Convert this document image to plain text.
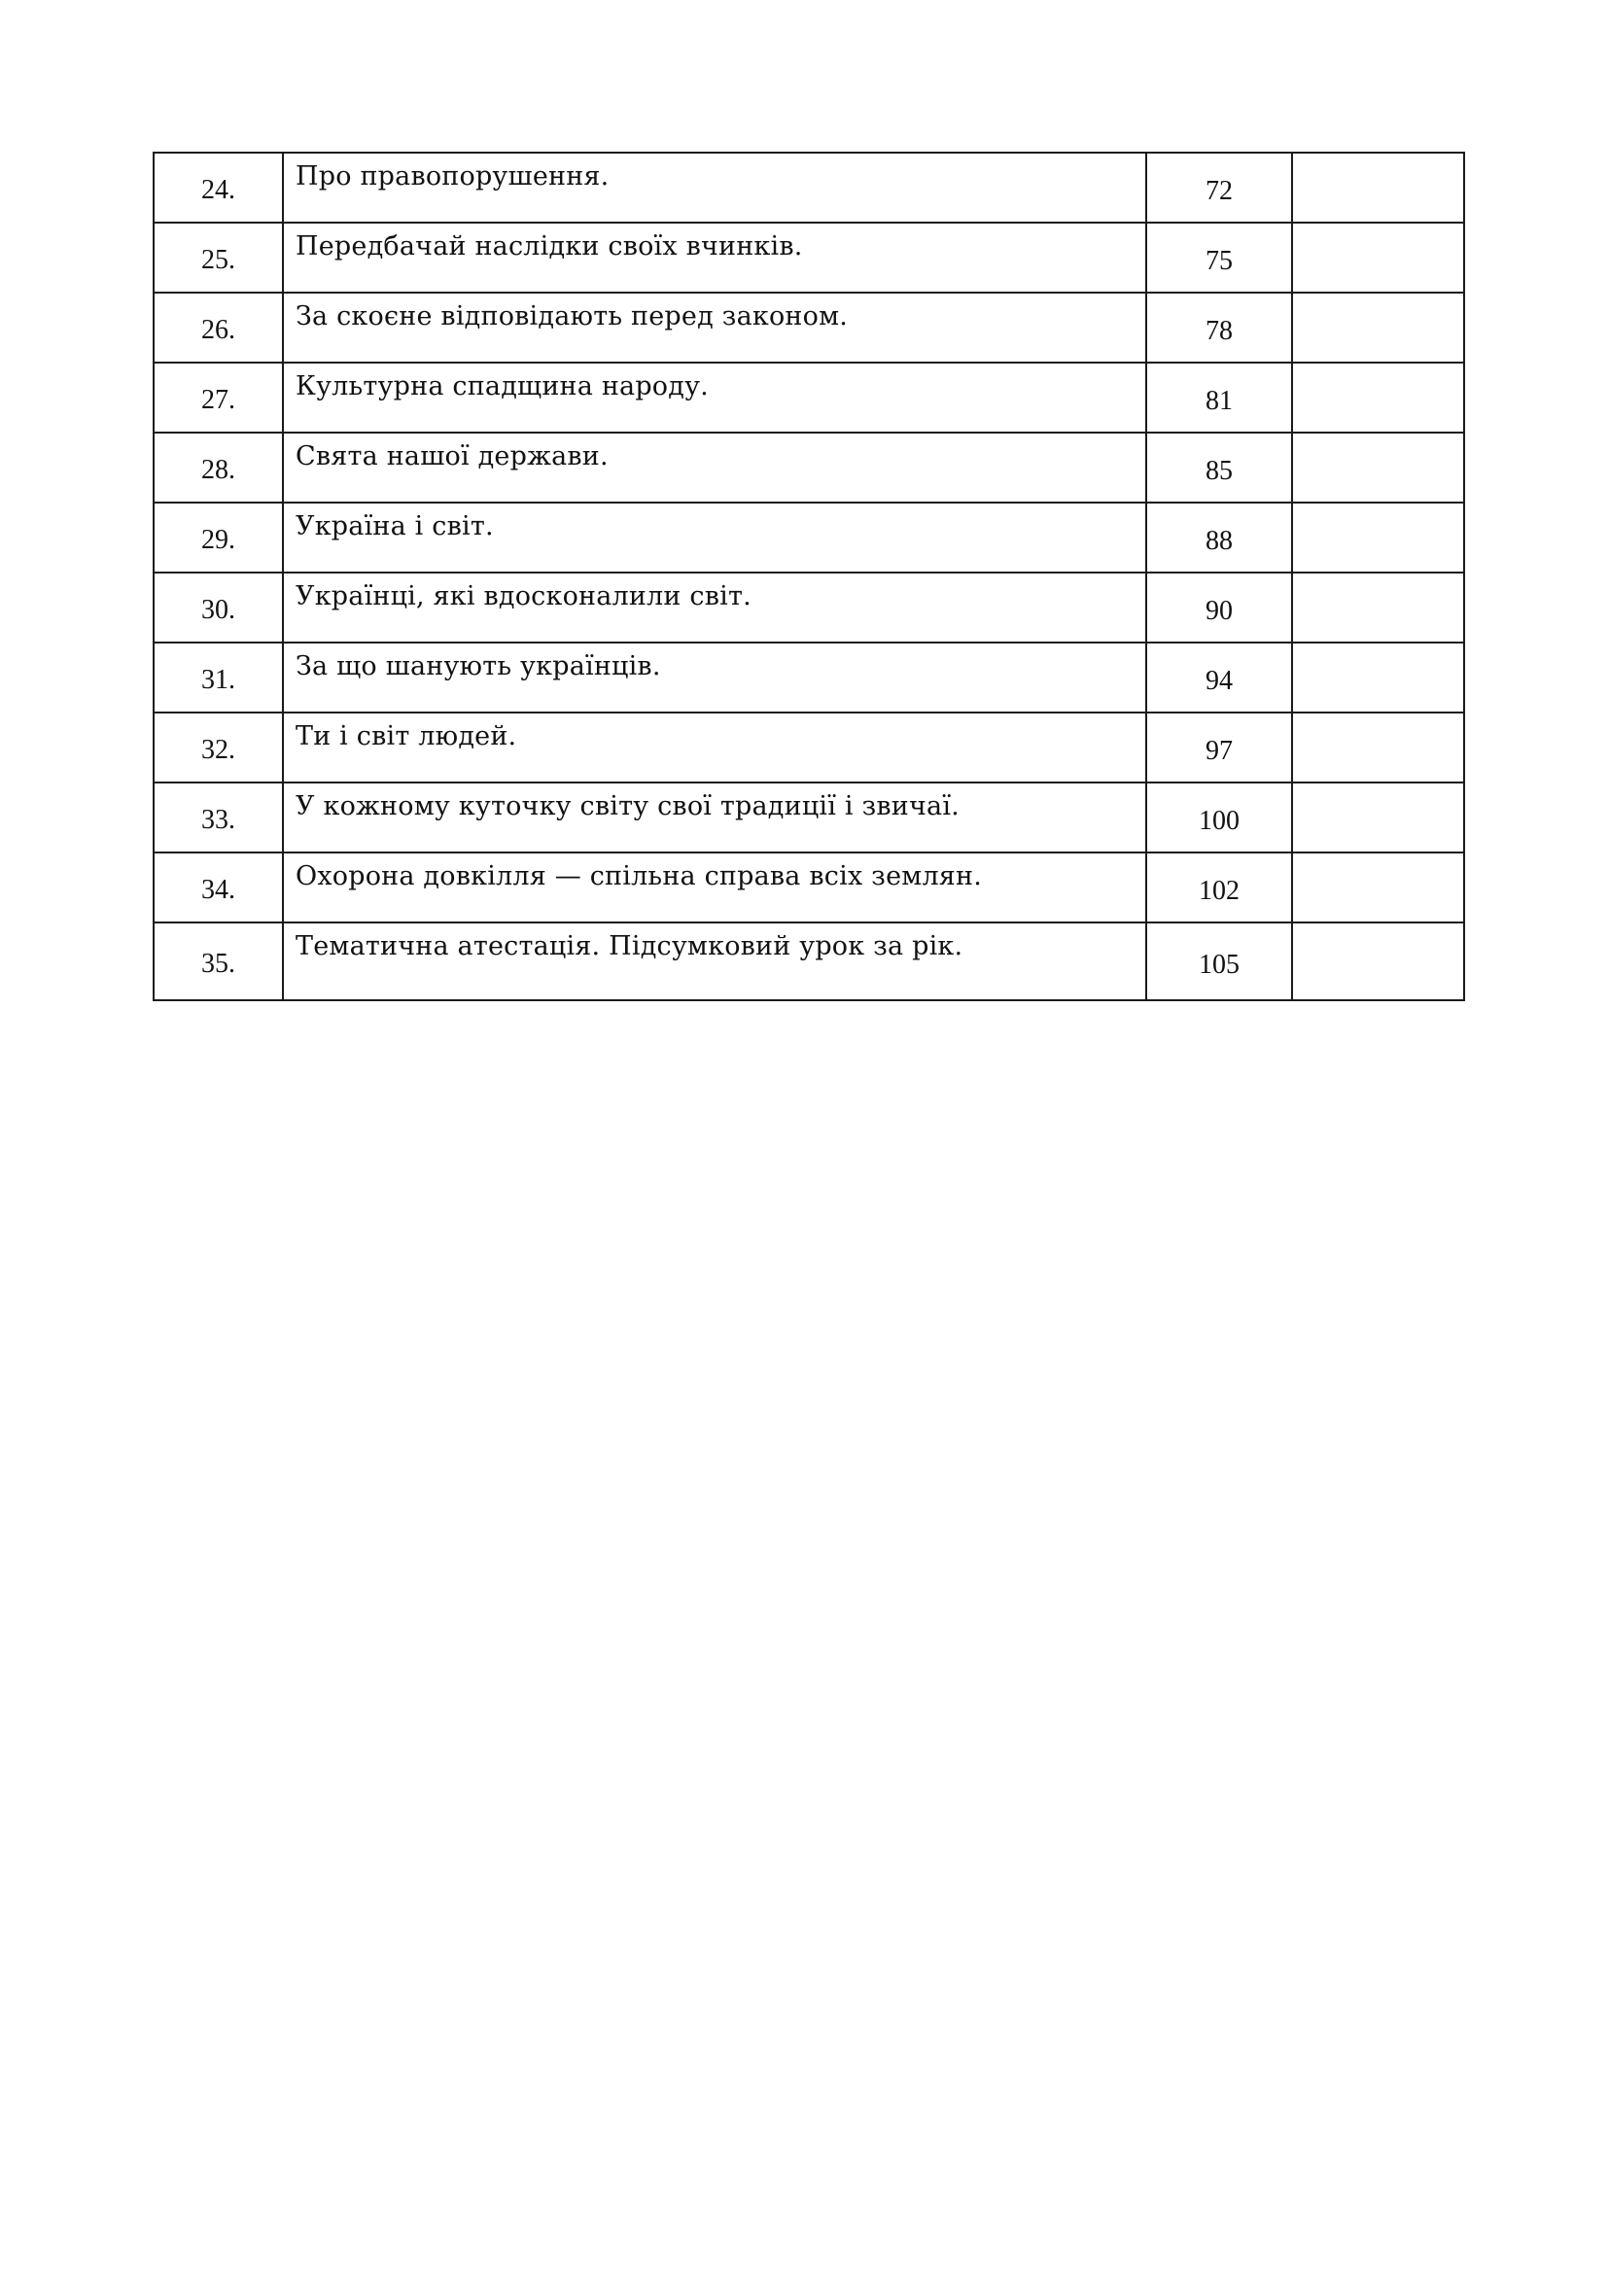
24.	Про правопорушення.	72	
25.	Передбачай наслідки своїх вчинків.	75	
26.	За скоєне відповідають перед законом.	78	
27.	Культурна спадщина народу.	81	
28.	Свята нашої держави.	85	
29.	Україна і світ.	88	
30.	Українці, які вдосконалили світ.	90	
31.	За що шанують українців.	94	
32.	Ти і світ людей.	97	
33.	У кожному куточку світу свої традиції і звичаї.	100	
34.	Охорона довкілля — спільна справа всіх землян.	102	
35.	Тематична атестація. Підсумковий урок за рік.	105	
